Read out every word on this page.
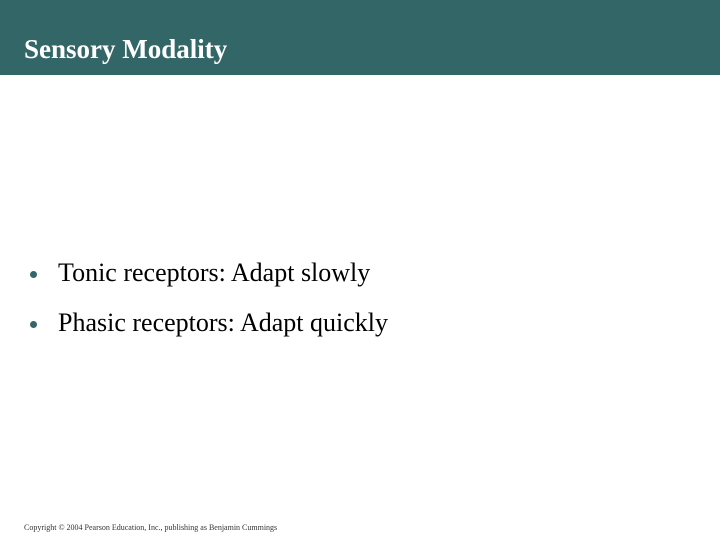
Sensory Modality
Tonic receptors: Adapt slowly
Phasic receptors: Adapt quickly
Copyright © 2004 Pearson Education, Inc., publishing as Benjamin Cummings
